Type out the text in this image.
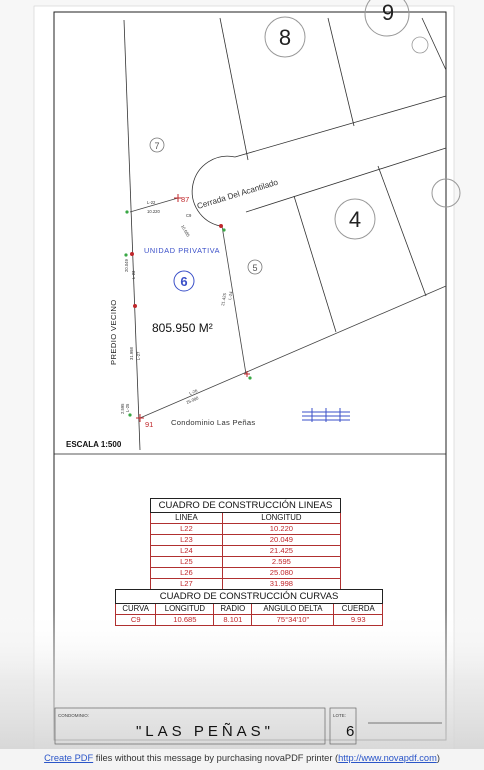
8
9
7
4
5
6
L-22
10.220
C9
10.685
L-23
20.049
L-24
21.425
L-25
2.595
L-26
25.080
L-27
31.998
Cerrada Del Acantilado
UNIDAD PRIVATIVA
805.950 M²
PREDIO VECINO
Condominio Las Peñas
87
91
ESCALA 1:500
CONDOMINIO:
"LAS PEÑAS"
LOTE:
6
CUADRO DE CONSTRUCCIÓN LINEAS	
LINEA	LONGITUD
L22	10.220
L23	20.049
L24	21.425
L25	2.595
L26	25.080
L27	31.998
CUADRO DE CONSTRUCCIÓN CURVAS				
CURVA	LONGITUD	RADIO	ANGULO DELTA	CUERDA
C9	10.685	8.101	75°34'10"	9.93
Create PDF files without this message by purchasing novaPDF printer (http://www.novapdf.com)
